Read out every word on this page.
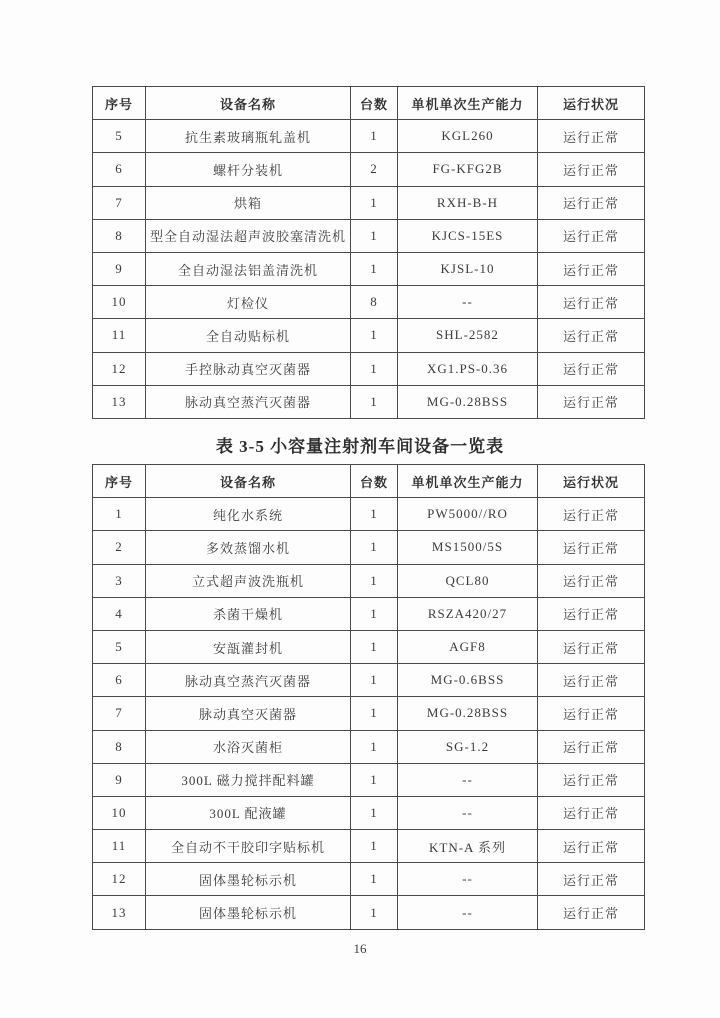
序号	设备名称	台数	单机单次生产能力	运行状况
5	抗生素玻璃瓶轧盖机	1	KGL260	运行正常
6	螺杆分装机	2	FG-KFG2B	运行正常
7	烘箱	1	RXH-B-H	运行正常
8	型全自动湿法超声波胶塞清洗机	1	KJCS-15ES	运行正常
9	全自动湿法铝盖清洗机	1	KJSL-10	运行正常
10	灯检仪	8	--	运行正常
11	全自动贴标机	1	SHL-2582	运行正常
12	手控脉动真空灭菌器	1	XG1.PS-0.36	运行正常
13	脉动真空蒸汽灭菌器	1	MG-0.28BSS	运行正常
表 3-5 小容量注射剂车间设备一览表
序号	设备名称	台数	单机单次生产能力	运行状况
1	纯化水系统	1	PW5000//RO	运行正常
2	多效蒸馏水机	1	MS1500/5S	运行正常
3	立式超声波洗瓶机	1	QCL80	运行正常
4	杀菌干燥机	1	RSZA420/27	运行正常
5	安瓿灌封机	1	AGF8	运行正常
6	脉动真空蒸汽灭菌器	1	MG-0.6BSS	运行正常
7	脉动真空灭菌器	1	MG-0.28BSS	运行正常
8	水浴灭菌柜	1	SG-1.2	运行正常
9	300L 磁力搅拌配料罐	1	--	运行正常
10	300L 配液罐	1	--	运行正常
11	全自动不干胶印字贴标机	1	KTN-A 系列	运行正常
12	固体墨轮标示机	1	--	运行正常
13	固体墨轮标示机	1	--	运行正常
16
